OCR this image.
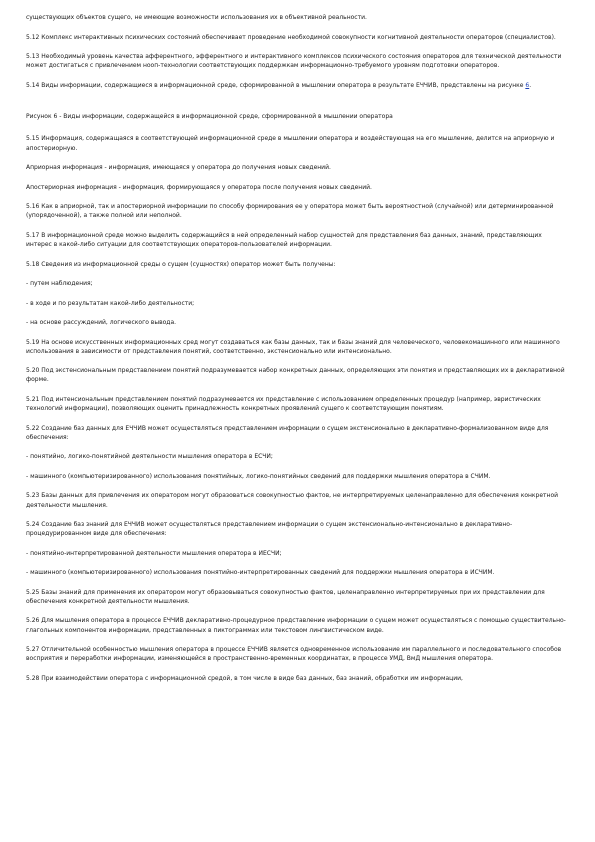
существующих объектов сущего, не имеющие возможности использования их в объективной реальности.

5.12 Комплекс интерактивных психических состояний обеспечивает проведение необходимой совокупности когнитивной деятельности операторов (специалистов).

5.13 Необходимый уровень качества афферентного, эфферентного и интерактивного комплексов психического состояния операторов для технической деятельности может достигаться с привлечением нооп-технологии соответствующих поддержкам информационно-требуемого уровням подготовки операторов.

5.14 Виды информации, содержащиеся в информационной среде, сформированной в мышлении оператора в результате ЕЧЧИВ, представлены на рисунке 6.

Рисунок 6 - Виды информации, содержащейся в информационной среде, сформированной в мышлении оператора

5.15 Информация, содержащаяся в соответствующей информационной среде в мышлении оператора и воздействующая на его мышление, делится на априорную и апостериорную.

Априорная информация - информация, имеющаяся у оператора до получения новых сведений.

Апостериорная информация - информация, формирующаяся у оператора после получения новых сведений.

5.16 Как в априорной, так и апостериорной информации по способу формирования ее у оператора может быть вероятностной (случайной) или детерминированной (упорядоченной), а также полной или неполной.

5.17 В информационной среде можно выделить содержащийся в ней определенный набор сущностей для представления баз данных, знаний, представляющих интерес в какой-либо ситуации для соответствующих операторов-пользователей информации.

5.18 Сведения из информационной среды о сущем (сущностях) оператор может быть получены:

- путем наблюдения;

- в ходе и по результатам какой-либо деятельности;

- на основе рассуждений, логического вывода.

5.19 На основе искусственных информационных сред могут создаваться как базы данных, так и базы знаний для человеческого, человекомашинного или машинного использования в зависимости от представления понятий, соответственно, экстенсионально или интенсионально.

5.20 Под экстенсиональным представлением понятий подразумевается набор конкретных данных, определяющих эти понятия и представляющих их в декларативной форме.

5.21 Под интенсиональным представлением понятий подразумевается их представление с использованием определенных процедур (например, эвристических технологий информации), позволяющих оценить принадлежность конкретных проявлений сущего к соответствующим понятиям.

5.22 Создание баз данных для ЕЧЧИВ может осуществляться представлением информации о сущем экстенсионально в декларативно-формализованном виде для обеспечения:

- понятийно, логико-понятийной деятельности мышления оператора в ЕСЧИ;

- машинного (компьютеризированного) использования понятийных, логико-понятийных сведений для поддержки мышления оператора в СЧИМ.

5.23 Базы данных для привлечения их оператором могут образоваться совокупностью фактов, не интерпретируемых целенаправленно для обеспечения конкретной деятельности мышления.

5.24 Создание баз знаний для ЕЧЧИВ может осуществляться представлением информации о сущем экстенсионально-интенсионально в декларативно-процедурированном виде для обеспечения:

- понятийно-интерпретированной деятельности мышления оператора в ИЕСЧИ;

- машинного (компьютеризированного) использования понятийно-интерпретированных сведений для поддержки мышления оператора в ИСЧИМ.

5.25 Базы знаний для применения их оператором могут образовываться совокупностью фактов, целенаправленно интерпретируемых при их представлении для обеспечения конкретной деятельности мышления.

5.26 Для мышления оператора в процессе ЕЧЧИВ декларативно-процедурное представление информации о сущем может осуществляться с помощью существительно-глагольных компонентов информации, представленных в пиктограммах или текстовом лингвистическом виде.

5.27 Отличительной особенностью мышления оператора в процессе ЕЧЧИВ является одновременное использование им параллельного и последовательного способов восприятия и переработки информации, изменяющейся в пространственно-временных координатах, в процессе УМД, ВмД мышления оператора.

5.28 При взаимодействии оператора с информационной средой, в том числе в виде баз данных, баз знаний, обработки им информации,
